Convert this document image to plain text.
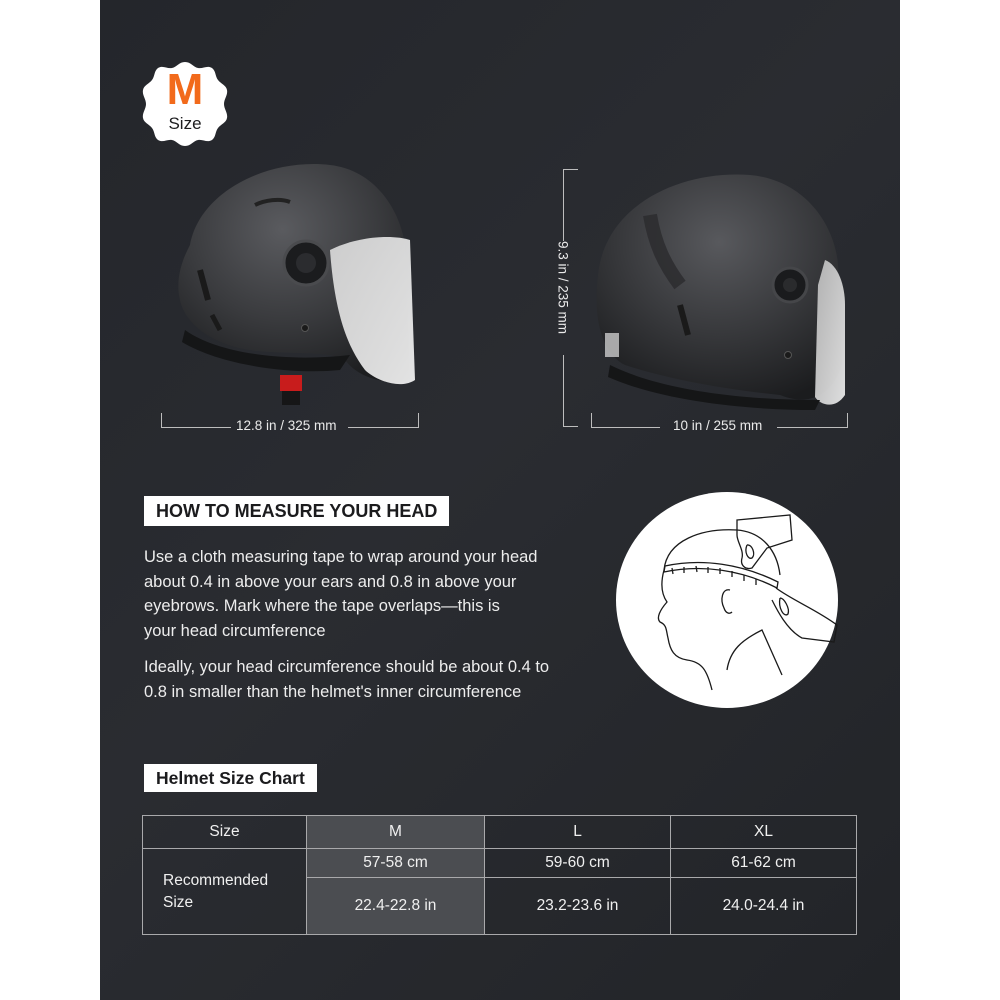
M
Size
12.8 in / 325 mm
9.3 in / 235 mm
10 in / 255 mm
HOW TO MEASURE YOUR HEAD
Use a cloth measuring tape to wrap around your head
about 0.4 in above your ears and 0.8 in above your
eyebrows. Mark where the tape overlaps—this is
your head circumference
Ideally, your head circumference should be about 0.4 to
0.8 in smaller than the helmet's inner circumference
Helmet Size Chart
Size	M	L	XL

Recommended
Size	57-58 cm	59-60 cm	61-62 cm
	22.4-22.8 in	23.2-23.6 in	24.0-24.4 in
